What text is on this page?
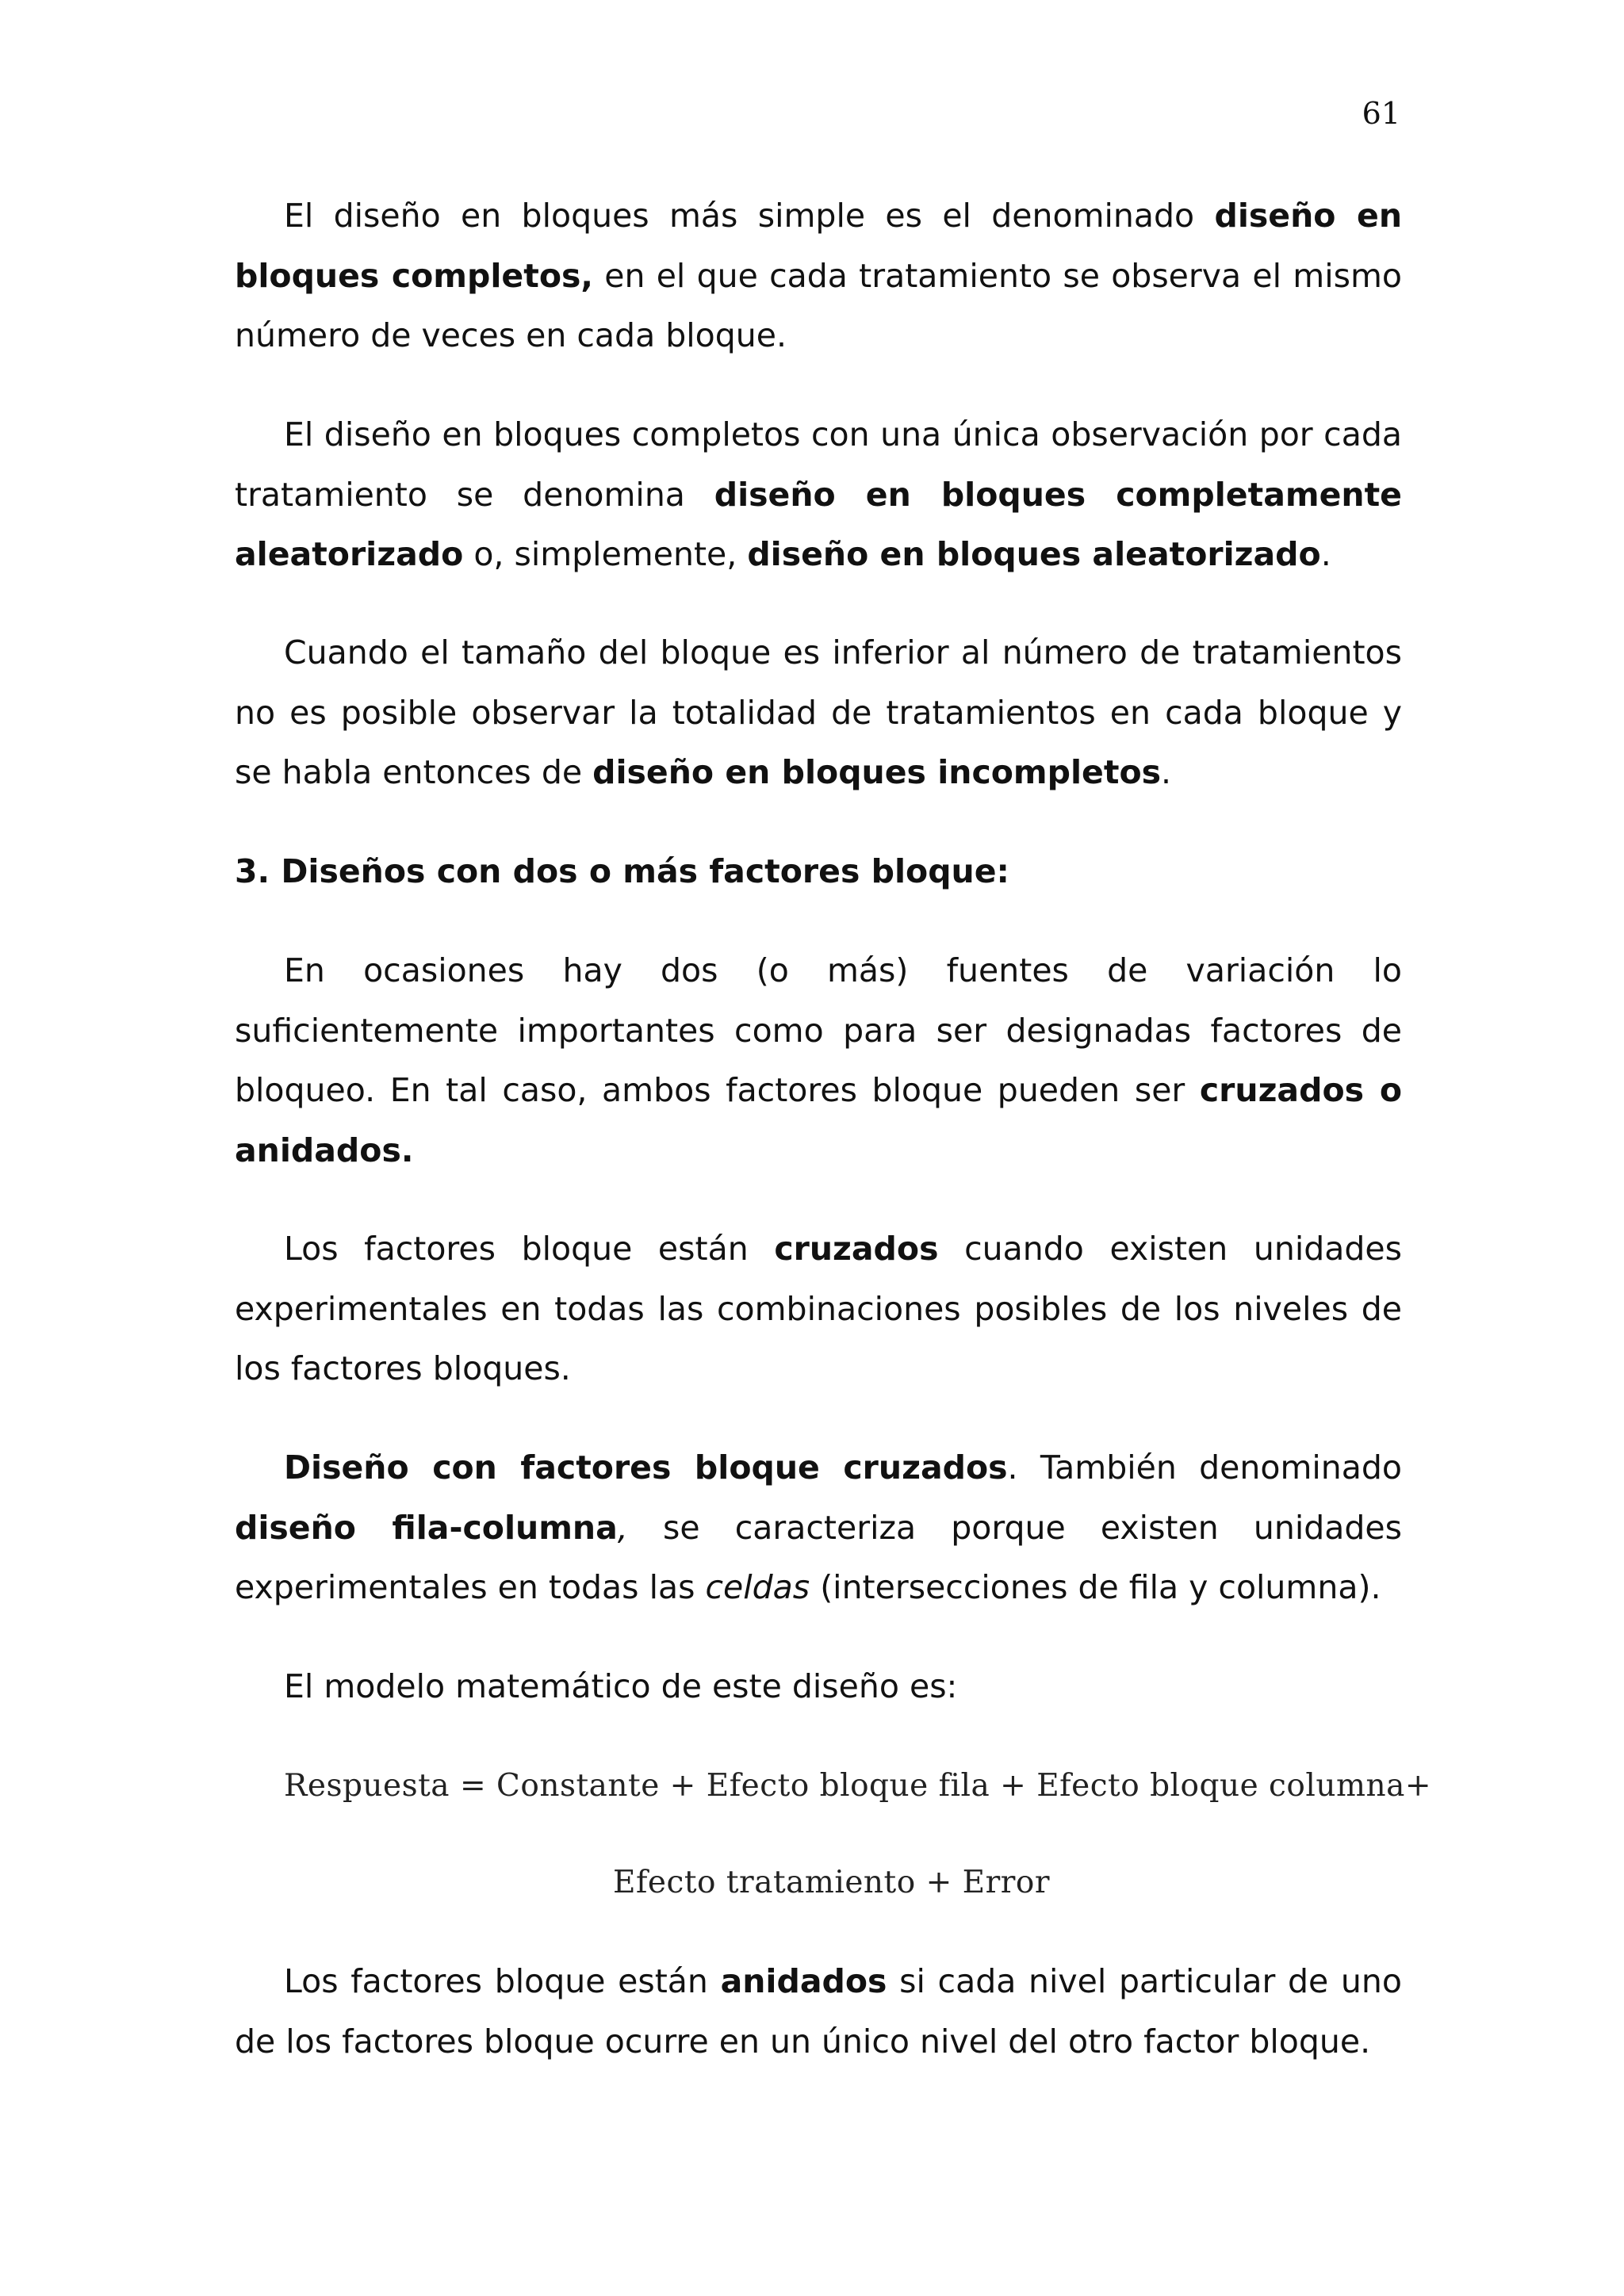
61

El diseño en bloques más simple es el denominado diseño en bloques completos, en el que cada tratamiento se observa el mismo número de veces en cada bloque.

El diseño en bloques completos con una única observación por cada tratamiento se denomina diseño en bloques completamente aleatorizado o, simplemente, diseño en bloques aleatorizado.

Cuando el tamaño del bloque es inferior al número de tratamientos no es posible observar la totalidad de tratamientos en cada bloque y se habla entonces de diseño en bloques incompletos.

3. Diseños con dos o más factores bloque:

En ocasiones hay dos (o más) fuentes de variación lo suficientemente importantes como para ser designadas factores de bloqueo. En tal caso, ambos factores bloque pueden ser cruzados o anidados.

Los factores bloque están cruzados cuando existen unidades experimentales en todas las combinaciones posibles de los niveles de los factores bloques.

Diseño con factores bloque cruzados. También denominado diseño fila-columna, se caracteriza porque existen unidades experimentales en todas las celdas (intersecciones de fila y columna).

El modelo matemático de este diseño es:

Respuesta = Constante + Efecto bloque fila + Efecto bloque columna+
Efecto tratamiento + Error

Los factores bloque están anidados si cada nivel particular de uno de los factores bloque ocurre en un único nivel del otro factor bloque.
